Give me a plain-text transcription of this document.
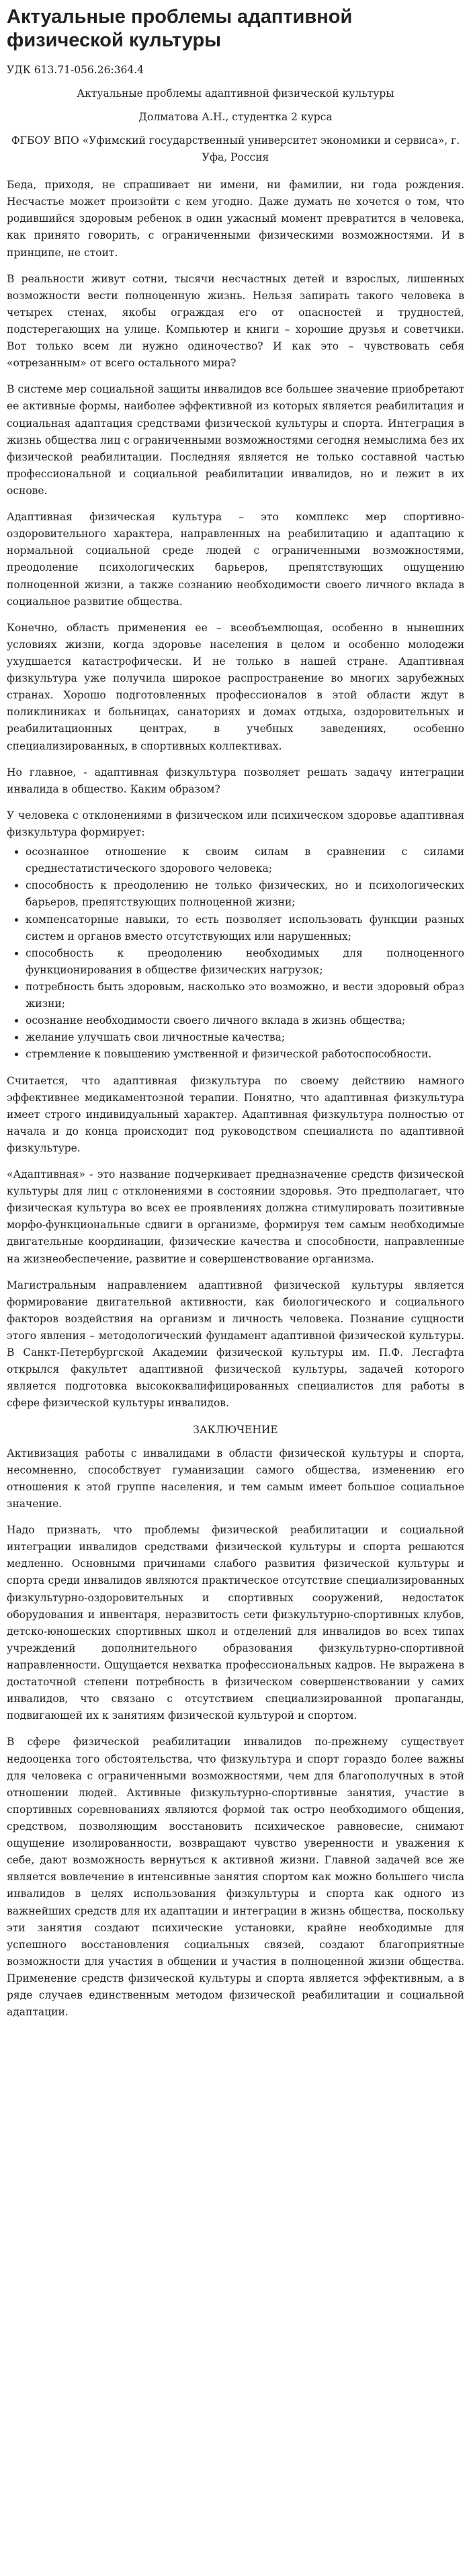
Актуальные проблемы адаптивной физической культуры
УДК 613.71-056.26:364.4
Актуальные проблемы адаптивной физической культуры
Долматова А.Н., студентка 2 курса
ФГБОУ ВПО «Уфимский государственный университет экономики и сервиса», г. Уфа, Россия

Беда, приходя, не спрашивает ни имени, ни фамилии, ни года рождения. Несчастье может произойти с кем угодно. Даже думать не хочется о том, что родившийся здоровым ребенок в один ужасный момент превратится в человека, как принято говорить, с ограниченными физическими возможностями. И в принципе, не стоит.

В реальности живут сотни, тысячи несчастных детей и взрослых, лишенных возможности вести полноценную жизнь. Нельзя запирать такого человека в четырех стенах, якобы ограждая его от опасностей и трудностей, подстерегающих на улице. Компьютер и книги – хорошие друзья и советчики. Вот только всем ли нужно одиночество? И как это – чувствовать себя «отрезанным» от всего остального мира?

В системе мер социальной защиты инвалидов все большее значение приобретают ее активные формы, наиболее эффективной из которых является реабилитация и социальная адаптация средствами физической культуры и спорта. Интеграция в жизнь общества лиц с ограниченными возможностями сегодня немыслима без их физической реабилитации. Последняя является не только составной частью профессиональной и социальной реабилитации инвалидов, но и лежит в их основе.

Адаптивная физическая культура – это комплекс мер спортивно-оздоровительного характера, направленных на реабилитацию и адаптацию к нормальной социальной среде людей с ограниченными возможностями, преодоление психологических барьеров, препятствующих ощущению полноценной жизни, а также сознанию необходимости своего личного вклада в социальное развитие общества.

Конечно, область применения ее – всеобъемлющая, особенно в нынешних условиях жизни, когда здоровье населения в целом и особенно молодежи ухудшается катастрофически. И не только в нашей стране. Адаптивная физкультура уже получила широкое распространение во многих зарубежных странах. Хорошо подготовленных профессионалов в этой области ждут в поликлиниках и больницах, санаториях и домах отдыха, оздоровительных и реабилитационных центрах, в учебных заведениях, особенно специализированных, в спортивных коллективах.

Но главное, - адаптивная физкультура позволяет решать задачу интеграции инвалида в общество. Каким образом?

У человека с отклонениями в физическом или психическом здоровье адаптивная физкультура формирует:

• осознанное отношение к своим силам в сравнении с силами среднестатистического здорового человека;
• способность к преодолению не только физических, но и психологических барьеров, препятствующих полноценной жизни;
• компенсаторные навыки, то есть позволяет использовать функции разных систем и органов вместо отсутствующих или нарушенных;
• способность к преодолению необходимых для полноценного функционирования в обществе физических нагрузок;
• потребность быть здоровым, насколько это возможно, и вести здоровый образ жизни;
• осознание необходимости своего личного вклада в жизнь общества;
• желание улучшать свои личностные качества;
• стремление к повышению умственной и физической работоспособности.

Считается, что адаптивная физкультура по своему действию намного эффективнее медикаментозной терапии. Понятно, что адаптивная физкультура имеет строго индивидуальный характер. Адаптивная физкультура полностью от начала и до конца происходит под руководством специалиста по адаптивной физкультуре.

«Адаптивная» - это название подчеркивает предназначение средств физической культуры для лиц с отклонениями в состоянии здоровья. Это предполагает, что физическая культура во всех ее проявлениях должна стимулировать позитивные морфо-функциональные сдвиги в организме, формируя тем самым необходимые двигательные координации, физические качества и способности, направленные на жизнеобеспечение, развитие и совершенствование организма.

Магистральным направлением адаптивной физической культуры является формирование двигательной активности, как биологического и социального факторов воздействия на организм и личность человека. Познание сущности этого явления – методологический фундамент адаптивной физической культуры. В Санкт-Петербургской Академии физической культуры им. П.Ф. Лесгафта открылся факультет адаптивной физической культуры, задачей которого является подготовка высококвалифицированных специалистов для работы в сфере физической культуры инвалидов.

ЗАКЛЮЧЕНИЕ

Активизация работы с инвалидами в области физической культуры и спорта, несомненно, способствует гуманизации самого общества, изменению его отношения к этой группе населения, и тем самым имеет большое социальное значение.

Надо признать, что проблемы физической реабилитации и социальной интеграции инвалидов средствами физической культуры и спорта решаются медленно. Основными причинами слабого развития физической культуры и спорта среди инвалидов являются практическое отсутствие специализированных физкультурно-оздоровительных и спортивных сооружений, недостаток оборудования и инвентаря, неразвитость сети физкультурно-спортивных клубов, детско-юношеских спортивных школ и отделений для инвалидов во всех типах учреждений дополнительного образования физкультурно-спортивной направленности. Ощущается нехватка профессиональных кадров. Не выражена в достаточной степени потребность в физическом совершенствовании у самих инвалидов, что связано с отсутствием специализированной пропаганды, подвигающей их к занятиям физической культурой и спортом.

В сфере физической реабилитации инвалидов по-прежнему существует недооценка того обстоятельства, что физкультура и спорт гораздо более важны для человека с ограниченными возможностями, чем для благополучных в этой отношении людей. Активные физкультурно-спортивные занятия, участие в спортивных соревнованиях являются формой так остро необходимого общения, средством, позволяющим восстановить психическое равновесие, снимают ощущение изолированности, возвращают чувство уверенности и уважения к себе, дают возможность вернуться к активной жизни. Главной задачей все же является вовлечение в интенсивные занятия спортом как можно большего числа инвалидов в целях использования физкультуры и спорта как одного из важнейших средств для их адаптации и интеграции в жизнь общества, поскольку эти занятия создают психические установки, крайне необходимые для успешного восстановления социальных связей, создают благоприятные возможности для участия в общении и участия в полноценной жизни общества. Применение средств физической культуры и спорта является эффективным, а в ряде случаев единственным методом физической реабилитации и социальной адаптации.
